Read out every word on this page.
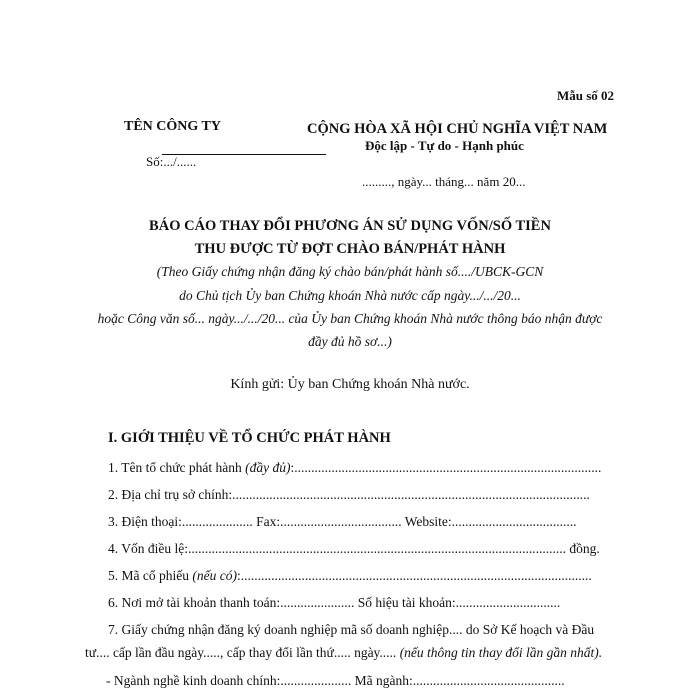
Mẫu số 02
TÊN CÔNG TY
Số:.../......
CỘNG HÒA XÃ HỘI CHỦ NGHĨA VIỆT NAM
Độc lập - Tự do - Hạnh phúc
........., ngày... tháng... năm 20...
BÁO CÁO THAY ĐỔI PHƯƠNG ÁN SỬ DỤNG VỐN/SỐ TIỀN
THU ĐƯỢC TỪ ĐỢT CHÀO BÁN/PHÁT HÀNH
(Theo Giấy chứng nhận đăng ký chào bán/phát hành số..../UBCK-GCN
do Chủ tịch Ủy ban Chứng khoán Nhà nước cấp ngày.../.../20...
hoặc Công văn số... ngày.../.../20... của Ủy ban Chứng khoán Nhà nước thông báo nhận được
đầy đủ hồ sơ...)
Kính gửi: Ủy ban Chứng khoán Nhà nước.
I. GIỚI THIỆU VỀ TỔ CHỨC PHÁT HÀNH
1. Tên tổ chức phát hành (đầy đủ):...........................................................................................
2. Địa chỉ trụ sở chính:..........................................................................................................
3. Điện thoại:..................... Fax:.................................... Website:.....................................
4. Vốn điều lệ:................................................................................................................ đồng.
5. Mã cổ phiếu (nếu có):........................................................................................................
6. Nơi mở tài khoản thanh toán:...................... Số hiệu tài khoản:...............................
7. Giấy chứng nhận đăng ký doanh nghiệp mã số doanh nghiệp.... do Sở Kế hoạch và Đầu
tư.... cấp lần đầu ngày....., cấp thay đổi lần thứ..... ngày..... (nếu thông tin thay đổi lần gần nhất).
- Ngành nghề kinh doanh chính:..................... Mã ngành:.............................................
